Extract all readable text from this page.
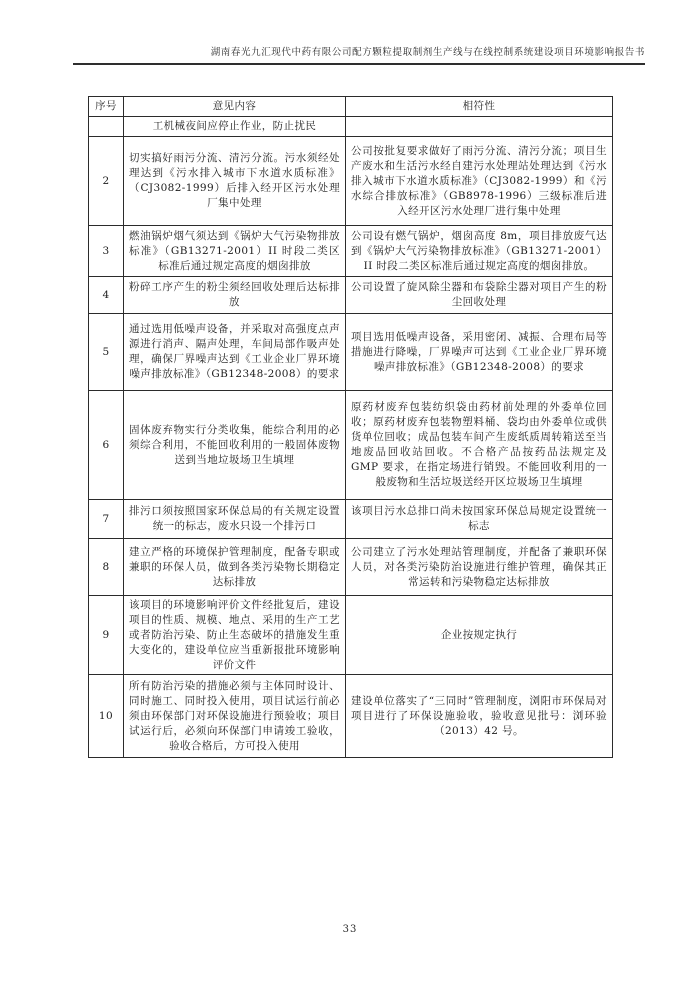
湖南春光九汇现代中药有限公司配方颗粒提取制剂生产线与在线控制系统建设项目环境影响报告书
序号	意见内容	相符性
	工机械夜间应停止作业，防止扰民	
2	切实搞好雨污分流、清污分流。污水须经处理达到《污水排入城市下水道水质标准》（CJ3082-1999）后排入经开区污水处理厂集中处理	公司按批复要求做好了雨污分流、清污分流；项目生产废水和生活污水经自建污水处理站处理达到《污水排入城市下水道水质标准》（CJ3082-1999）和《污水综合排放标准》（GB8978-1996）三级标准后进入经开区污水处理厂进行集中处理
3	燃油锅炉烟气须达到《锅炉大气污染物排放标准》（GB13271-2001）II 时段二类区标准后通过规定高度的烟囱排放	公司设有燃气锅炉，烟囱高度 8m，项目排放废气达到《锅炉大气污染物排放标准》（GB13271-2001）II 时段二类区标准后通过规定高度的烟囱排放。
4	粉碎工序产生的粉尘须经回收处理后达标排放	公司设置了旋风除尘器和布袋除尘器对项目产生的粉尘回收处理
5	通过选用低噪声设备，并采取对高强度点声源进行消声、隔声处理，车间局部作吸声处理，确保厂界噪声达到《工业企业厂界环境噪声排放标准》（GB12348-2008）的要求	项目选用低噪声设备，采用密闭、减振、合理布局等措施进行降噪，厂界噪声可达到《工业企业厂界环境噪声排放标准》（GB12348-2008）的要求
6	固体废弃物实行分类收集，能综合利用的必须综合利用，不能回收利用的一般固体废物送到当地垃圾场卫生填埋	原药材废弃包装纺织袋由药材前处理的外委单位回收；原药材废弃包装物塑料桶、袋均由外委单位或供货单位回收；成品包装车间产生废纸质周转箱送至当地废品回收站回收。不合格产品按药品法规定及 GMP 要求，在指定场进行销毁。不能回收利用的一般废物和生活垃圾送经开区垃圾场卫生填埋
7	排污口须按照国家环保总局的有关规定设置统一的标志，废水只设一个排污口	该项目污水总排口尚未按国家环保总局规定设置统一标志
8	建立严格的环境保护管理制度，配备专职或兼职的环保人员，做到各类污染物长期稳定达标排放	公司建立了污水处理站管理制度，并配备了兼职环保人员，对各类污染防治设施进行维护管理，确保其正常运转和污染物稳定达标排放
9	该项目的环境影响评价文件经批复后，建设项目的性质、规模、地点、采用的生产工艺或者防治污染、防止生态破坏的措施发生重大变化的，建设单位应当重新报批环境影响评价文件	企业按规定执行
10	所有防治污染的措施必须与主体同时设计、同时施工、同时投入使用，项目试运行前必须由环保部门对环保设施进行预验收；项目试运行后，必须向环保部门申请竣工验收，验收合格后，方可投入使用	建设单位落实了“三同时”管理制度，浏阳市环保局对项目进行了环保设施验收，验收意见批号：浏环验（2013）42 号。
33
